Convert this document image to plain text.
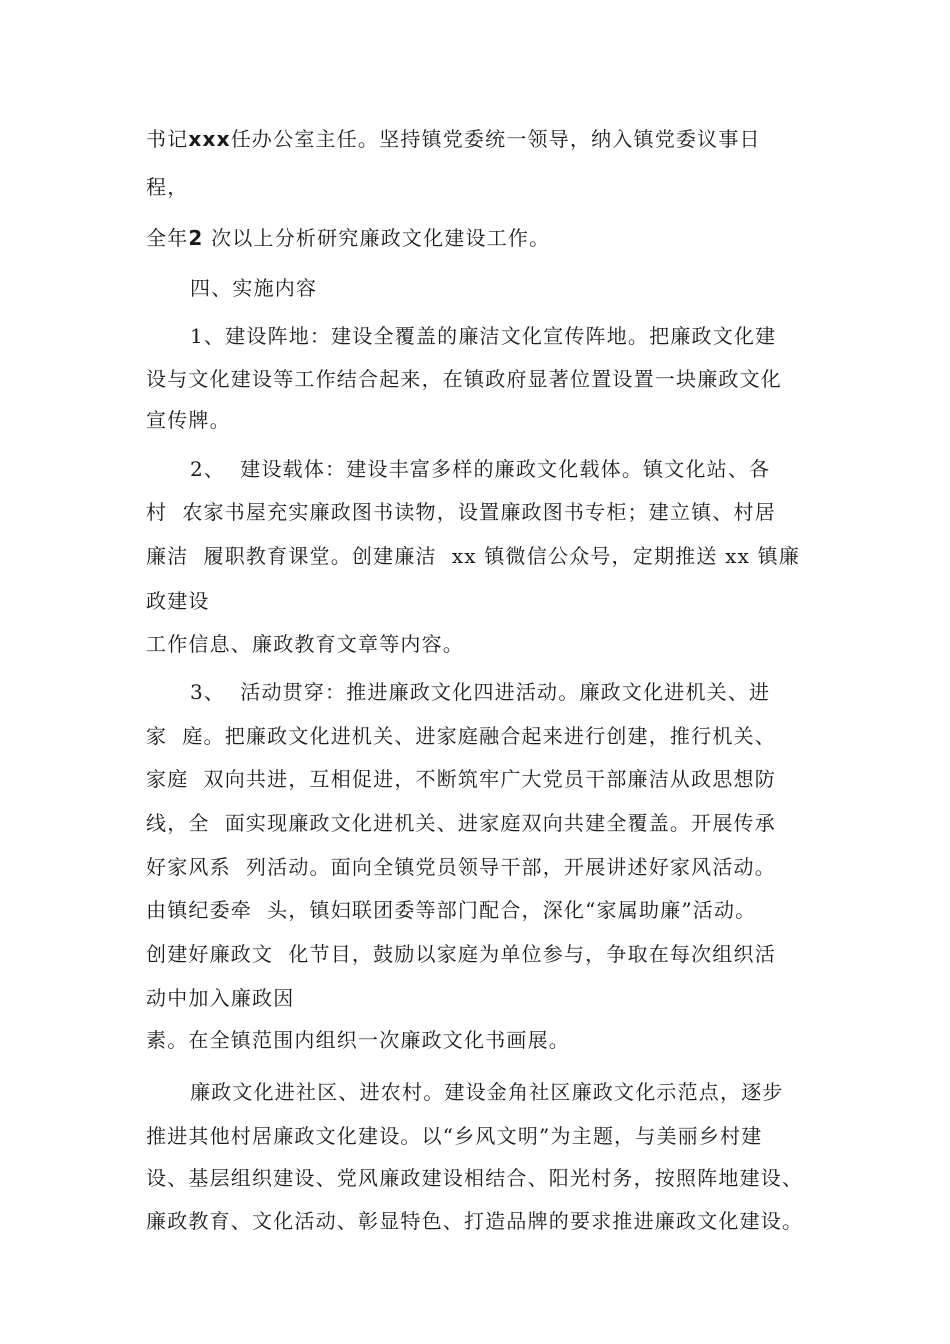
书记xxx任办公室主任。坚持镇党委统一领导，纳入镇党委议事日
程，
全年2 次以上分析研究廉政文化建设工作。
四、实施内容
1、建设阵地：建设全覆盖的廉洁文化宣传阵地。把廉政文化建
设与文化建设等工作结合起来，在镇政府显著位置设置一块廉政文化
宣传牌。
2、  建设载体：建设丰富多样的廉政文化载体。镇文化站、各
村  农家书屋充实廉政图书读物，设置廉政图书专柜；建立镇、村居
廉洁  履职教育课堂。创建廉洁  xx 镇微信公众号，定期推送 xx 镇廉
政建设
工作信息、廉政教育文章等内容。
3、  活动贯穿：推进廉政文化四进活动。廉政文化进机关、进
家  庭。把廉政文化进机关、进家庭融合起来进行创建，推行机关、
家庭  双向共进，互相促进，不断筑牢广大党员干部廉洁从政思想防
线，全  面实现廉政文化进机关、进家庭双向共建全覆盖。开展传承
好家风系  列活动。面向全镇党员领导干部，开展讲述好家风活动。
由镇纪委牵  头，镇妇联团委等部门配合，深化“家属助廉”活动。
创建好廉政文  化节目，鼓励以家庭为单位参与，争取在每次组织活
动中加入廉政因
素。在全镇范围内组织一次廉政文化书画展。
廉政文化进社区、进农村。建设金角社区廉政文化示范点，逐步
推进其他村居廉政文化建设。以“乡风文明”为主题，与美丽乡村建
设、基层组织建设、党风廉政建设相结合、阳光村务，按照阵地建设、
廉政教育、文化活动、彰显特色、打造品牌的要求推进廉政文化建设。
